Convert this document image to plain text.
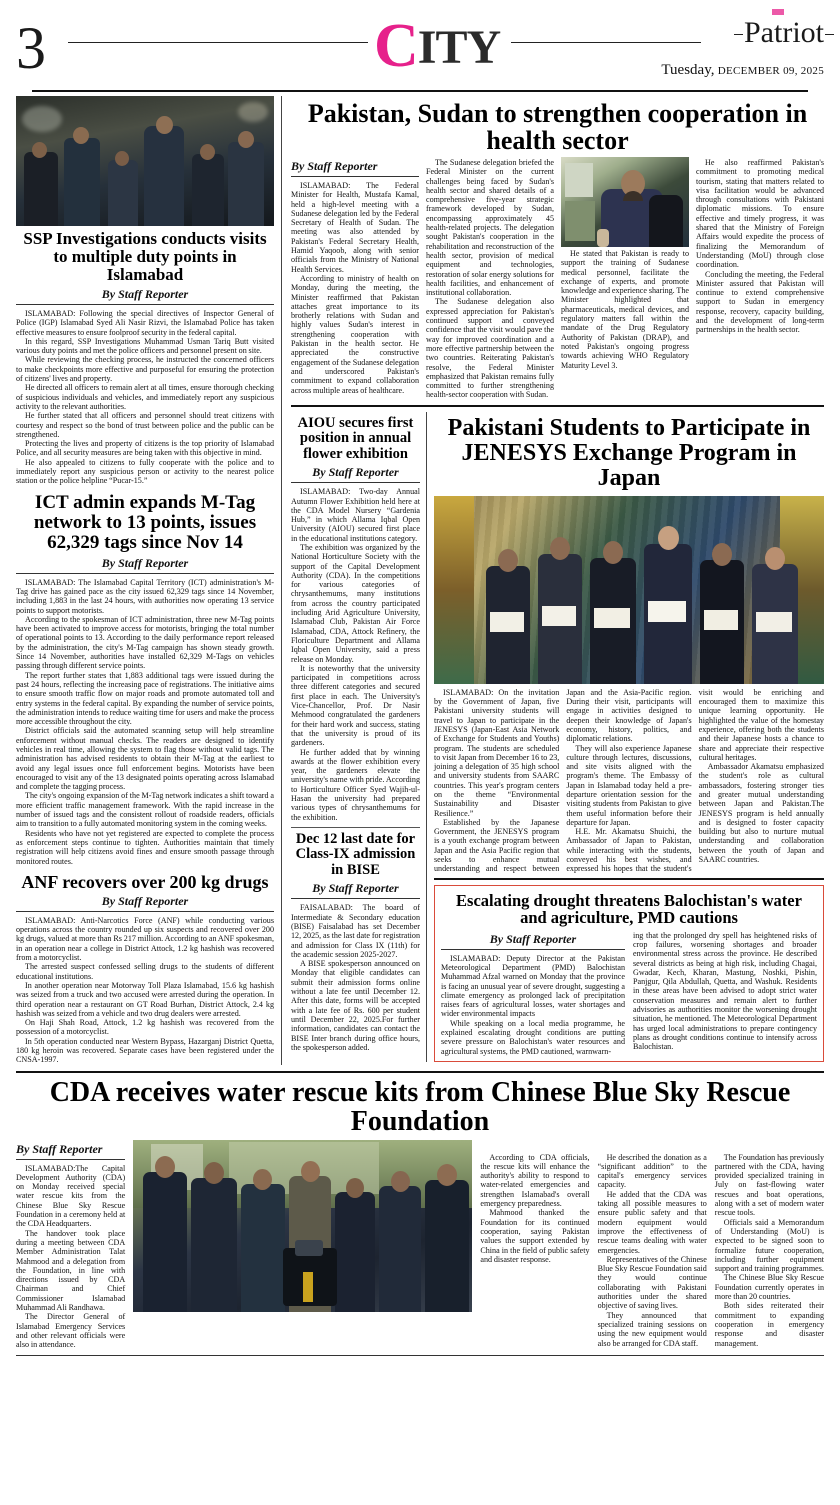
3	CITY	Patriot
Tuesday, DECEMBER 09, 2025
SSP Investigations conducts visits to multiple duty points in Islamabad
By Staff Reporter

ISLAMABAD: Following the special directives of Inspector General of Police (IGP) Islamabad Syed Ali Nasir Rizvi, the Islamabad Police has taken effective measures to ensure foolproof security in the federal capital.

In this regard, SSP Investigations Muhammad Usman Tariq Butt visited various duty points and met the police officers and personnel present on site.

While reviewing the checking process, he instructed the concerned officers to make checkpoints more effective and purposeful for ensuring the protection of citizens' lives and property.

He directed all officers to remain alert at all times, ensure thorough checking of suspicious individuals and vehicles, and immediately report any suspicious activity to the relevant authorities.

He further stated that all officers and personnel should treat citizens with courtesy and respect so the bond of trust between police and the public can be strengthened.

Protecting the lives and property of citizens is the top priority of Islamabad Police, and all security measures are being taken with this objective in mind.

He also appealed to citizens to fully cooperate with the police and to immediately report any suspicious person or activity to the nearest police station or the police helpline “Pucar-15.”

ICT admin expands M-Tag network to 13 points, issues 62,329 tags since Nov 14
By Staff Reporter

ISLAMABAD: The Islamabad Capital Territory (ICT) administration's M-Tag drive has gained pace as the city issued 62,329 tags since 14 November, including 1,883 in the last 24 hours, with authorities now operating 13 service points to support motorists.

According to the spokesman of ICT administration, three new M-Tag points have been activated to improve access for motorists, bringing the total number of operational points to 13. According to the daily performance report released by the administration, the city's M-Tag campaign has shown steady growth. Since 14 November, authorities have installed 62,329 M-Tags on vehicles passing through different service points.

The report further states that 1,883 additional tags were issued during the past 24 hours, reflecting the increasing pace of registrations. The initiative aims to ensure smooth traffic flow on major roads and promote automated toll and entry systems in the federal capital. By expanding the number of service points, the administration intends to reduce waiting time for users and make the process more accessible throughout the city.

District officials said the automated scanning setup will help streamline enforcement without manual checks. The readers are designed to identify vehicles in real time, allowing the system to flag those without valid tags. The administration has advised residents to obtain their M-Tag at the earliest to avoid any legal issues once full enforcement begins. Motorists have been encouraged to visit any of the 13 designated points operating across Islamabad and complete the tagging process.

The city's ongoing expansion of the M-Tag network indicates a shift toward a more efficient traffic management framework. With the rapid increase in the number of issued tags and the consistent rollout of roadside readers, officials aim to transition to a fully automated monitoring system in the coming weeks.

Residents who have not yet registered are expected to complete the process as enforcement steps continue to tighten. Authorities maintain that timely registration will help citizens avoid fines and ensure smooth passage through monitored routes.

ANF recovers over 200 kg drugs
By Staff Reporter

ISLAMABAD: Anti-Narcotics Force (ANF) while conducting various operations across the country rounded up six suspects and recovered over 200 kg drugs, valued at more than Rs 217 million. According to an ANF spokesman, in an operation near a college in District Attock, 1.2 kg hashish was recovered from a motorcyclist.

The arrested suspect confessed selling drugs to the students of different educational institutions.

In another operation near Motorway Toll Plaza Islamabad, 15.6 kg hashish was seized from a truck and two accused were arrested during the operation. In third operation near a restaurant on GT Road Burhan, District Attock, 2.4 kg hashish was seized from a vehicle and two drug dealers were arrested.

On Haji Shah Road, Attock, 1.2 kg hashish was recovered from the possession of a motorcyclist.

In 5th operation conducted near Western Bypass, Hazarganj District Quetta, 180 kg heroin was recovered. Separate cases have been registered under the CNSA-1997.

Pakistan, Sudan to strengthen cooperation in health sector
By Staff Reporter

ISLAMABAD: The Federal Minister for Health, Mustafa Kamal, held a high-level meeting with a Sudanese delegation led by the Federal Secretary of Health of Sudan. The meeting was also attended by Pakistan's Federal Secretary Health, Hamid Yaqoob, along with senior officials from the Ministry of National Health Services.

According to ministry of health on Monday, during the meeting, the Minister reaffirmed that Pakistan attaches great importance to its brotherly relations with Sudan and highly values Sudan's interest in strengthening cooperation with Pakistan in the health sector. He appreciated the constructive engagement of the Sudanese delegation and underscored Pakistan's commitment to expand collaboration across multiple areas of healthcare.

The Sudanese delegation briefed the Federal Minister on the current challenges being faced by Sudan's health sector and shared details of a comprehensive five-year strategic framework developed by Sudan, encompassing approximately 45 health-related projects. The delegation sought Pakistan's cooperation in the rehabilitation and reconstruction of the health sector, provision of medical equipment and technologies, restoration of solar energy solutions for health facilities, and enhancement of institutional collaboration.

The Sudanese delegation also expressed appreciation for Pakistan's continued support and conveyed confidence that the visit would pave the way for improved coordination and a more effective partnership between the two countries. Reiterating Pakistan's resolve, the Federal Minister emphasized that Pakistan remains fully committed to further strengthening health-sector cooperation with Sudan.

He stated that Pakistan is ready to support the training of Sudanese medical personnel, facilitate the exchange of experts, and promote knowledge and experience sharing. The Minister highlighted that pharmaceuticals, medical devices, and regulatory matters fall within the mandate of the Drug Regulatory Authority of Pakistan (DRAP), and noted Pakistan's ongoing progress towards achieving WHO Regulatory Maturity Level 3.

He also reaffirmed Pakistan's commitment to promoting medical tourism, stating that matters related to visa facilitation would be advanced through consultations with Pakistani diplomatic missions. To ensure effective and timely progress, it was shared that the Ministry of Foreign Affairs would expedite the process of finalizing the Memorandum of Understanding (MoU) through close coordination.

Concluding the meeting, the Federal Minister assured that Pakistan will continue to extend comprehensive support to Sudan in emergency response, recovery, capacity building, and the development of long-term partnerships in the health sector.

AIOU secures first position in annual flower exhibition
By Staff Reporter

ISLAMABAD: Two-day Annual Autumn Flower Exhibition held here at the CDA Model Nursery “Gardenia Hub,” in which Allama Iqbal Open University (AIOU) secured first place in the educational institutions category.

The exhibition was organized by the National Horticulture Society with the support of the Capital Development Authority (CDA). In the competitions for various categories of chrysanthemums, many institutions from across the country participated including Arid Agriculture University, Islamabad Club, Pakistan Air Force Islamabad, CDA, Attock Refinery, the Floriculture Department and Allama Iqbal Open University, said a press release on Monday.

It is noteworthy that the university participated in competitions across three different categories and secured first place in each. The University's Vice-Chancellor, Prof. Dr Nasir Mehmood congratulated the gardeners for their hard work and success, stating that the university is proud of its gardeners.

He further added that by winning awards at the flower exhibition every year, the gardeners elevate the university's name with pride. According to Horticulture Officer Syed Wajih-ul-Hasan the university had prepared various types of chrysanthemums for the exhibition.

Dec 12 last date for Class-IX admission in BISE
By Staff Reporter

FAISALABAD: The board of Intermediate & Secondary education (BISE) Faisalabad has set December 12, 2025, as the last date for registration and admission for Class IX (11th) for the academic session 2025-2027.

A BISE spokesperson announced on Monday that eligible candidates can submit their admission forms online without a late fee until December 12. After this date, forms will be accepted with a late fee of Rs. 600 per student until December 22, 2025.For further information, candidates can contact the BISE Inter branch during office hours, the spokesperson added.

Pakistani Students to Participate in JENESYS Exchange Program in Japan

ISLAMABAD: On the invitation by the Government of Japan, five Pakistani university students will travel to Japan to participate in the JENESYS (Japan-East Asia Network of Exchange for Students and Youths) program. The students are scheduled to visit Japan from December 16 to 23, joining a delegation of 35 high school and university students from SAARC countries. This year's program centers on the theme “Environmental Sustainability and Disaster Resilience.”

Established by the Japanese Government, the JENESYS program is a youth exchange program between Japan and the Asia Pacific region that seeks to enhance mutual understanding and respect between Japan and the Asia-Pacific region. During their visit, participants will engage in activities designed to deepen their knowledge of Japan's economy, history, politics, and diplomatic relations.

They will also experience Japanese culture through lectures, discussions, and site visits aligned with the program's theme. The Embassy of Japan in Islamabad today held a pre-departure orientation session for the visiting students from Pakistan to give them useful information before their departure for Japan.

H.E. Mr. Akamatsu Shuichi, the Ambassador of Japan to Pakistan, while interacting with the students, conveyed his best wishes, and expressed his hopes that the student's visit would be enriching and encouraged them to maximize this unique learning opportunity. He highlighted the value of the homestay experience, offering both the students and their Japanese hosts a chance to share and appreciate their respective cultural heritages.

Ambassador Akamatsu emphasized the student's role as cultural ambassadors, fostering stronger ties and greater mutual understanding between Japan and Pakistan.The JENESYS program is held annually and is designed to foster capacity building but also to nurture mutual understanding and collaboration between the youth of Japan and SAARC countries.

Escalating drought threatens Balochistan's water and agriculture, PMD cautions
By Staff Reporter

ISLAMABAD: Deputy Director at the Pakistan Meteorological Department (PMD) Balochistan Muhammad Afzal warned on Monday that the province is facing an unusual year of severe drought, suggesting a climate emergency as prolonged lack of precipitation raises fears of agricultural losses, water shortages and wider environmental impacts

While speaking on a local media programme, he explained escalating drought conditions are putting severe pressure on Balochistan's water resources and agricultural systems, the PMD cautioned, warnwarn-

ing that the prolonged dry spell has heightened risks of crop failures, worsening shortages and broader environmental stress across the province. He described several districts as being at high risk, including Chagai, Gwadar, Kech, Kharan, Mastung, Noshki, Pishin, Panjgur, Qila Abdullah, Quetta, and Washuk. Residents in these areas have been advised to adopt strict water conservation measures and remain alert to further advisories as authorities monitor the worsening drought situation, he mentioned. The Meteorological Department has urged local administrations to prepare contingency plans as drought conditions continue to intensify across Balochistan.

CDA receives water rescue kits from Chinese Blue Sky Rescue Foundation
By Staff Reporter

ISLAMABAD:The Capital Development Authority (CDA) on Monday received special water rescue kits from the Chinese Blue Sky Rescue Foundation in a ceremony held at the CDA Headquarters.

The handover took place during a meeting between CDA Member Administration Talat Mahmood and a delegation from the Foundation, in line with directions issued by CDA Chairman and Chief Commissioner Islamabad Muhammad Ali Randhawa.

The Director General of Islamabad Emergency Services and other relevant officials were also in attendance.

According to CDA officials, the rescue kits will enhance the authority's ability to respond to water-related emergencies and strengthen Islamabad's overall emergency preparedness.

Mahmood thanked the Foundation for its continued cooperation, saying Pakistan values the support extended by China in the field of public safety and disaster response.

He described the donation as a “significant addition” to the capital's emergency services capacity.

He added that the CDA was taking all possible measures to ensure public safety and that modern equipment would improve the effectiveness of rescue teams dealing with water emergencies.

Representatives of the Chinese Blue Sky Rescue Foundation said they would continue collaborating with Pakistani authorities under the shared objective of saving lives.

They announced that specialized training sessions on using the new equipment would also be arranged for CDA staff.

The Foundation has previously partnered with the CDA, having provided specialized training in July on fast-flowing water rescues and boat operations, along with a set of modern water rescue tools.

Officials said a Memorandum of Understanding (MoU) is expected to be signed soon to formalize future cooperation, including further equipment support and training programmes.

The Chinese Blue Sky Rescue Foundation currently operates in more than 20 countries.

Both sides reiterated their commitment to expanding cooperation in emergency response and disaster management.
